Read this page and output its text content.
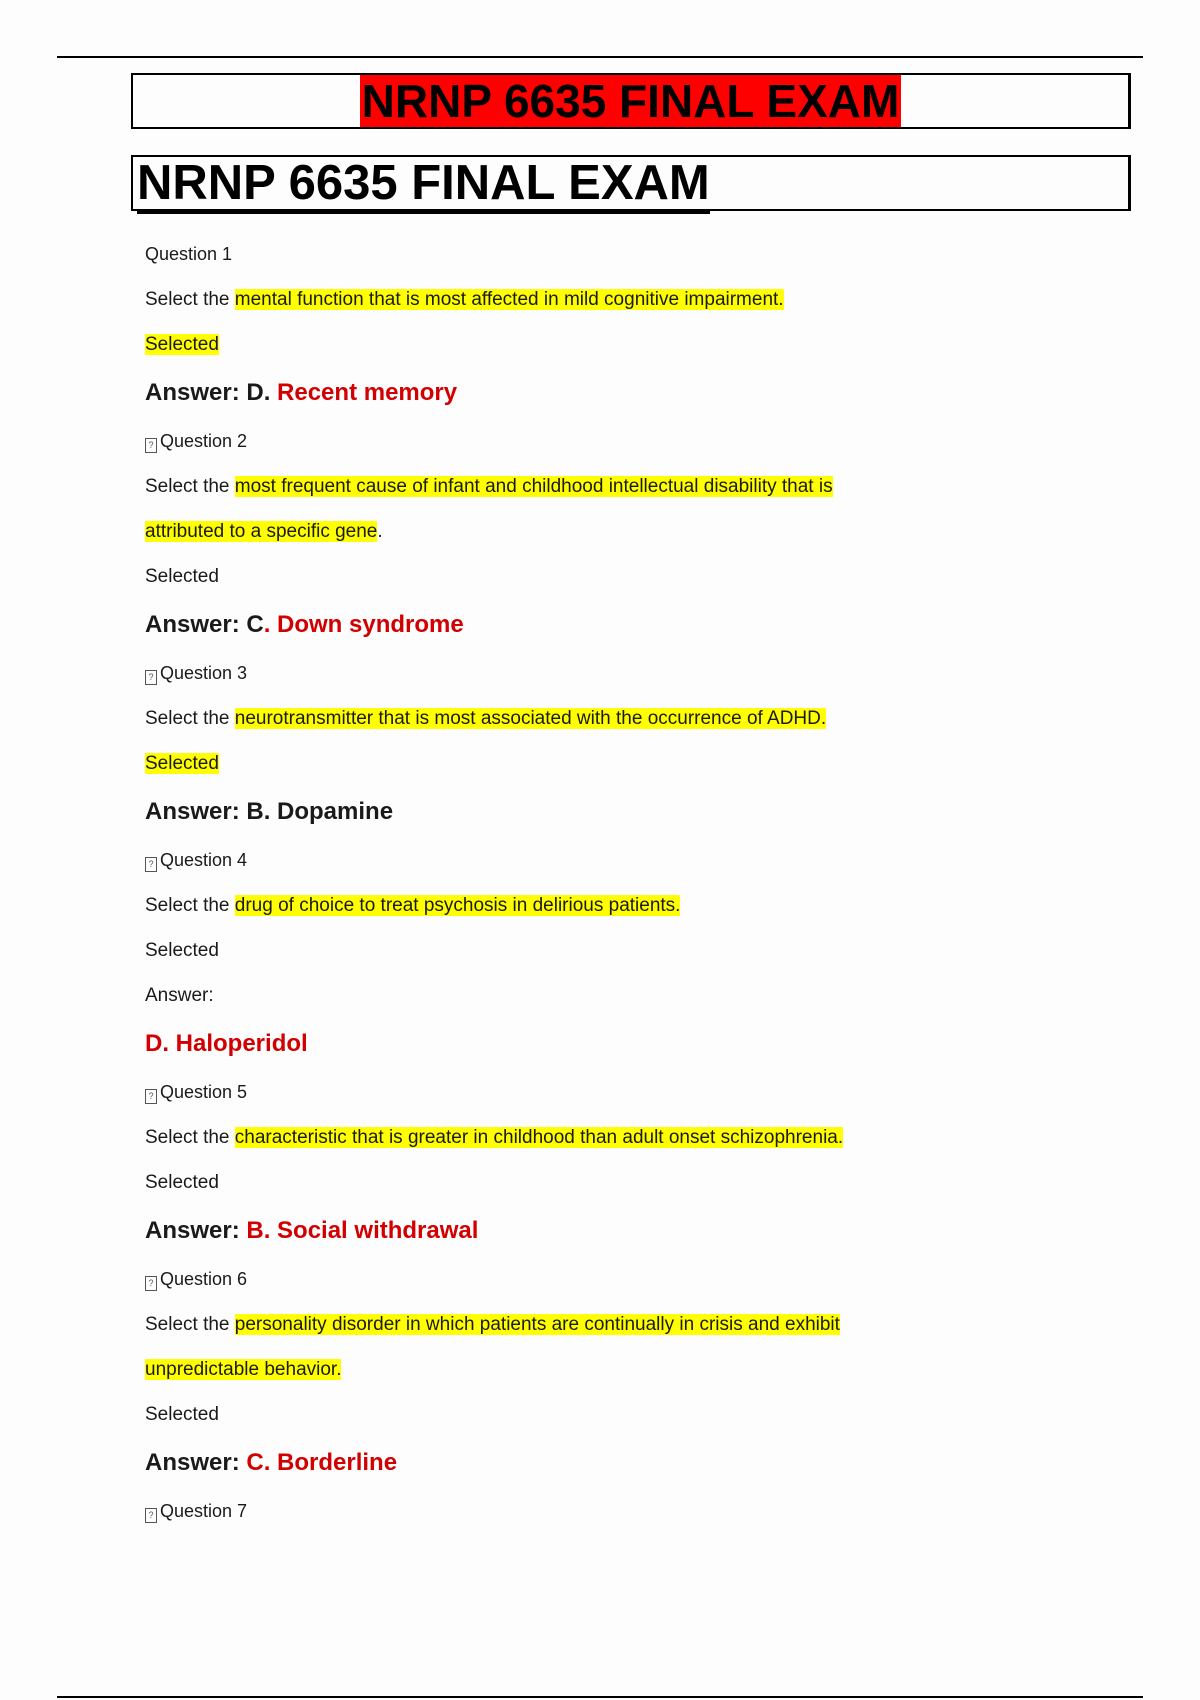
NRNP 6635 FINAL EXAM
NRNP 6635 FINAL EXAM
Question 1
Select the mental function that is most affected in mild cognitive impairment.
Selected
Answer: D. Recent memory
? Question 2
Select the most frequent cause of infant and childhood intellectual disability that is
attributed to a specific gene.
Selected
Answer: C. Down syndrome
? Question 3
Select the neurotransmitter that is most associated with the occurrence of ADHD.
Selected
Answer: B. Dopamine
? Question 4
Select the drug of choice to treat psychosis in delirious patients.
Selected
Answer:
D. Haloperidol
? Question 5
Select the characteristic that is greater in childhood than adult onset schizophrenia.
Selected
Answer: B. Social withdrawal
? Question 6
Select the personality disorder in which patients are continually in crisis and exhibit
unpredictable behavior.
Selected
Answer: C. Borderline
? Question 7
